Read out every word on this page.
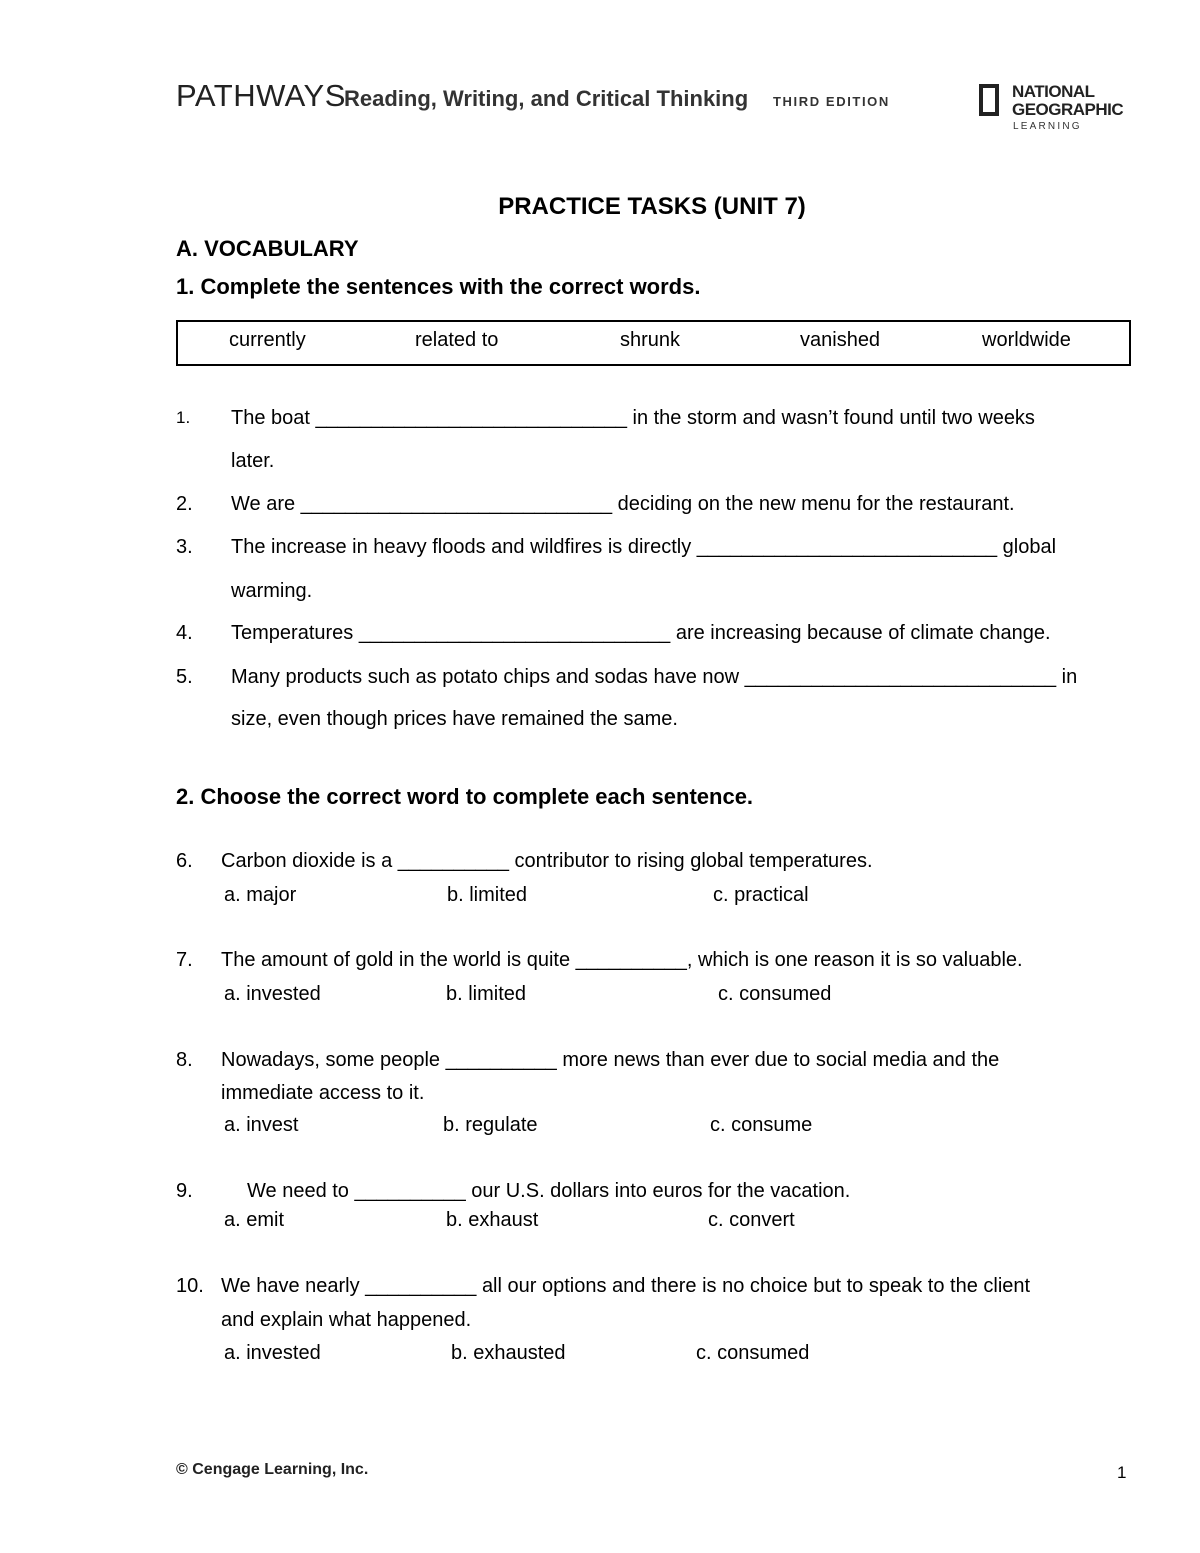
PATHWAYS
Reading, Writing, and Critical Thinking THIRD EDITION
NATIONAL
GEOGRAPHIC
LEARNING
PRACTICE TASKS (UNIT 7)
A. VOCABULARY
1. Complete the sentences with the correct words.
currently	related to	shrunk	vanished	worldwide
1. The boat ____________________________ in the storm and wasn’t found until two weeks
later.
2. We are ____________________________ deciding on the new menu for the restaurant.
3. The increase in heavy floods and wildfires is directly ___________________________ global
warming.
4. Temperatures ____________________________ are increasing because of climate change.
5. Many products such as potato chips and sodas have now ____________________________ in
size, even though prices have remained the same.
2. Choose the correct word to complete each sentence.
6. Carbon dioxide is a __________ contributor to rising global temperatures.
a. major	b. limited	c. practical
7. The amount of gold in the world is quite __________, which is one reason it is so valuable.
a. invested	b. limited	c. consumed
8. Nowadays, some people __________ more news than ever due to social media and the
immediate access to it.
a. invest	b. regulate	c. consume
9.	We need to __________ our U.S. dollars into euros for the vacation.
a. emit	b. exhaust	c. convert
10. We have nearly __________ all our options and there is no choice but to speak to the client
and explain what happened.
a. invested	b. exhausted	c. consumed
© Cengage Learning, Inc.	1
